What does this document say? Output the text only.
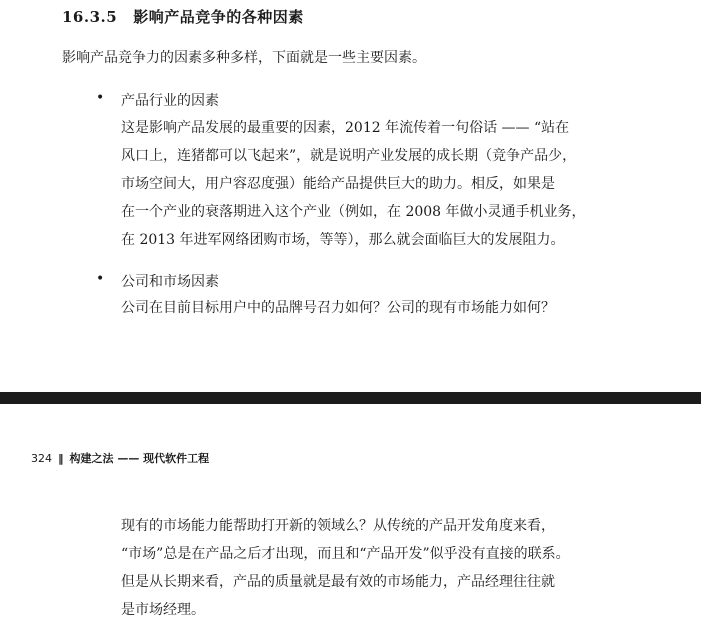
16.3.5 影响产品竞争的各种因素
影响产品竞争力的因素多种多样，下面就是一些主要因素。
• 产品行业的因素
这是影响产品发展的最重要的因素，2012 年流传着一句俗话 —— “站在
风口上，连猪都可以飞起来”，就是说明产业发展的成长期（竞争产品少，
市场空间大，用户容忍度强）能给产品提供巨大的助力。相反，如果是
在一个产业的衰落期进入这个产业（例如，在 2008 年做小灵通手机业务，
在 2013 年进军网络团购市场，等等），那么就会面临巨大的发展阻力。
• 公司和市场因素
公司在目前目标用户中的品牌号召力如何？公司的现有市场能力如何？
324 ‖ 构建之法 —— 现代软件工程
现有的市场能力能帮助打开新的领域么？从传统的产品开发角度来看，
“市场”总是在产品之后才出现，而且和“产品开发”似乎没有直接的联系。
但是从长期来看，产品的质量就是最有效的市场能力，产品经理往往就
是市场经理。
